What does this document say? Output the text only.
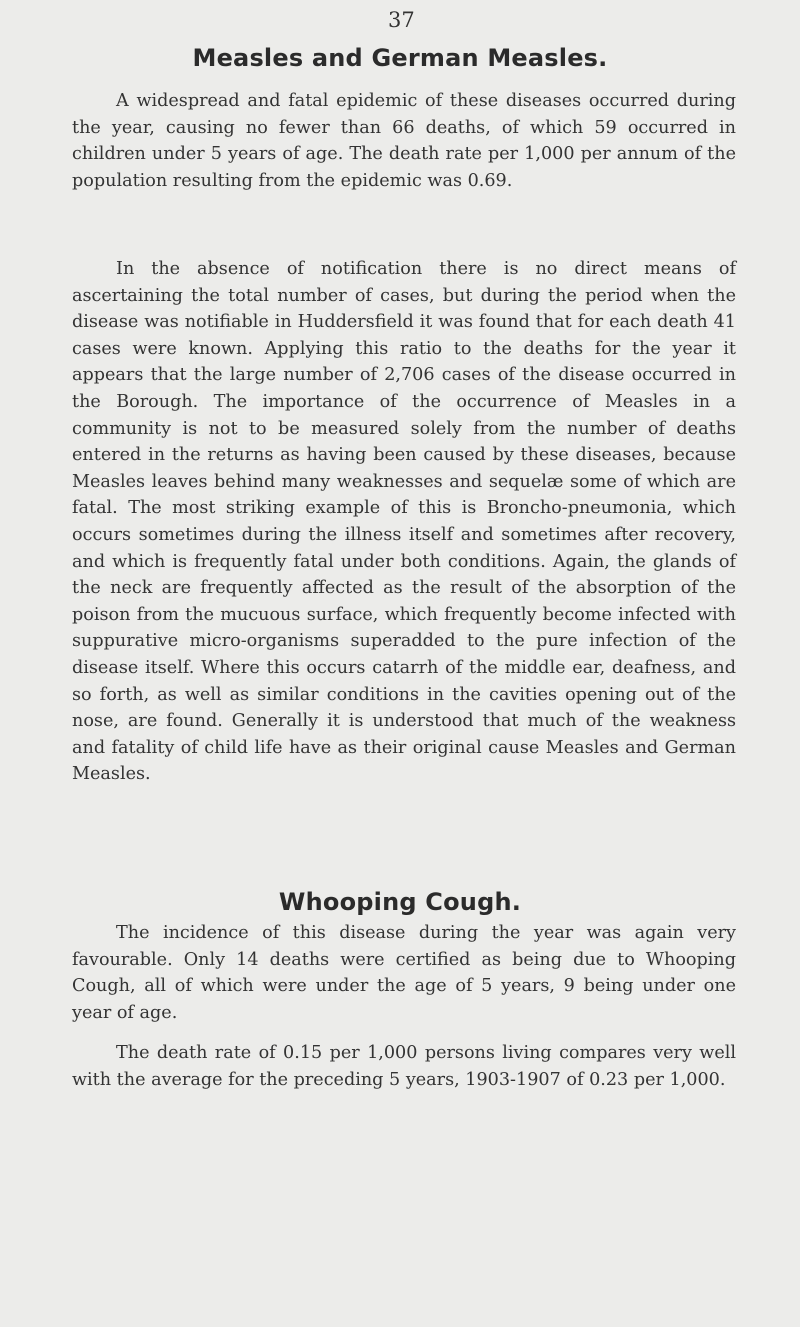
37
Measles and German Measles.

A widespread and fatal epidemic of these diseases occurred during the year, causing no fewer than 66 deaths, of which 59 occurred in children under 5 years of age. The death rate per 1,000 per annum of the population resulting from the epidemic was 0.69.

In the absence of notification there is no direct means of ascertaining the total number of cases, but during the period when the disease was notifiable in Huddersfield it was found that for each death 41 cases were known. Applying this ratio to the deaths for the year it appears that the large number of 2,706 cases of the disease occurred in the Borough. The importance of the occurrence of Measles in a community is not to be measured solely from the number of deaths entered in the returns as having been caused by these diseases, because Measles leaves behind many weaknesses and sequelæ some of which are fatal. The most striking example of this is Broncho-pneumonia, which occurs sometimes during the illness itself and sometimes after recovery, and which is frequently fatal under both conditions. Again, the glands of the neck are frequently affected as the result of the absorption of the poison from the mucuous surface, which frequently become infected with suppurative micro-organisms superadded to the pure infection of the disease itself. Where this occurs catarrh of the middle ear, deafness, and so forth, as well as similar conditions in the cavities opening out of the nose, are found. Generally it is understood that much of the weakness and fatality of child life have as their original cause Measles and German Measles.

Whooping Cough.

The incidence of this disease during the year was again very favourable. Only 14 deaths were certified as being due to Whooping Cough, all of which were under the age of 5 years, 9 being under one year of age.

The death rate of 0.15 per 1,000 persons living compares very well with the average for the preceding 5 years, 1903-1907 of 0.23 per 1,000.
